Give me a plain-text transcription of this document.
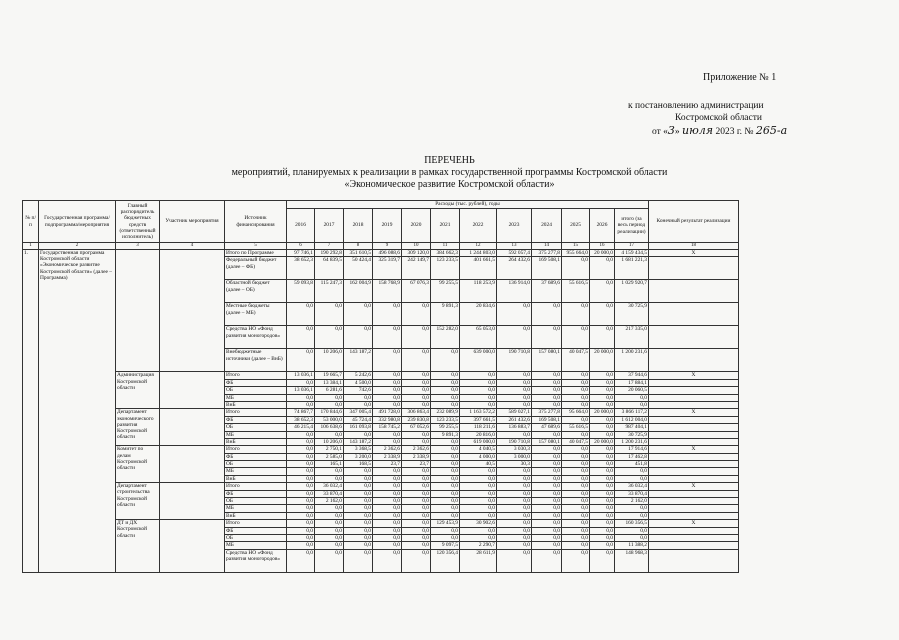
Приложение № 1
к постановлению администрации
Костромской области
от «3» июля 2023 г. № 265-а
ПЕРЕЧЕНЬ
мероприятий, планируемых к реализации в рамках государственной программы Костромской области
«Экономическое развитие Костромской области»
№ п/п	Государственная программа/подпрограмма/мероприятия	Главный распорядитель бюджетных средств (ответственный исполнитель)	Участник мероприятия	Источник финансирования	Расходы (тыс. рублей), годы												Конечный результат реализации
					2016	2017	2018	2019	2020	2021	2022	2023	2024	2025	2026	итого (за весь период реализации)	
1	2	3	4	5	6	7	8	9	10	11	12	13	14	15	16	17	18
1.	Государственная программа Костромской области «Экономическое развитие Костромской области» (далее – Программа)			Итого по Программе	97 746,1	190 292,8	351 610,5	496 088,6	309 120,0	384 662,3	1 244 803,0	592 057,4	375 277,8	955 664,0	20 000,0	4 159 434,5	X
				Федеральный бюджет (далее – ФБ)	38 652,3	64 839,5	50 424,4	325 319,7	242 149,7	123 233,5	401 661,5	264 432,6	169 508,1	0,0	0,0	1 681 221,3	
				Областной бюджет (далее – ОБ)	59 093,8	115 247,3	162 004,9	158 768,9	67 076,3	99 255,5	118 253,9	136 914,0	37 689,6	55 616,5	0,0	1 029 920,7	
				Местные бюджеты (далее – МБ)	0,0	0,0	0,0	0,0	0,0	9 891,3	20 834,6	0,0	0,0	0,0	0,0	30 725,9	
				Средства НО «Фонд развития моногородов»	0,0	0,0	0,0	0,0	0,0	152 282,0	65 053,0	0,0	0,0	0,0	0,0	217 335,0	
				Внебюджетные источники (далее – ВнБ)	0,0	10 206,0	143 187,2	0,0	0,0	0,0	639 000,0	190 710,8	157 080,1	40 047,5	20 000,0	1 200 231,6	
		Администрация Костромской области		Итого	13 036,1	19 665,7	5 242,6	0,0	0,0	0,0	0,0	0,0	0,0	0,0	0,0	37 944,6	X
				ФБ	0,0	13 384,1	4 500,0	0,0	0,0	0,0	0,0	0,0	0,0	0,0	0,0	17 884,1	
				ОБ	13 036,1	6 281,6	742,6	0,0	0,0	0,0	0,0	0,0	0,0	0,0	0,0	20 060,5	
				МБ	0,0	0,0	0,0	0,0	0,0	0,0	0,0	0,0	0,0	0,0	0,0	0,0	
				ВнБ	0,0	0,0	0,0	0,0	0,0	0,0	0,0	0,0	0,0	0,0	0,0	0,0	
		Департамент экономического развития Костромской области		Итого	74 867,7	170 844,6	347 005,4	491 728,0	306 863,4	232 089,9	1 163 572,2	589 027,1	375 277,8	95 664,0	20 000,0	3 866 117,2	X
				ФБ	38 652,3	53 000,0	45 724,4	332 980,8	239 830,8	123 233,5	397 661,5	261 432,6	169 508,1	0,0	0,0	1 612 004,0	
				ОБ	46 215,4	106 638,6	161 093,8	158 745,2	67 052,6	99 255,5	118 211,6	136 883,7	47 689,6	55 616,5	0,0	987 404,1	
				МБ	0,0	0,0	0,0	0,0	0,0	9 891,3	20 816,0	0,0	0,0	0,0	0,0	30 725,9	
				ВнБ	0,0	10 206,0	143 187,2	0,0	0,0	0,0	619 000,0	190 710,8	157 080,1	40 047,5	20 000,0	1 200 231,6	
		Комитет по делам Костромской области		Итого	0,0	2 750,1	3 368,5	2 362,6	2 362,6	0,0	4 040,5	3 030,3	0,0	0,0	0,0	17 914,6	X
				ФБ	0,0	2 585,0	3 200,0	2 338,9	2 338,9	0,0	4 000,0	3 000,0	0,0	0,0	0,0	17 462,8	
				ОБ	0,0	165,1	168,5	23,7	23,7	0,0	40,5	30,3	0,0	0,0	0,0	451,8	
				МБ	0,0	0,0	0,0	0,0	0,0	0,0	0,0	0,0	0,0	0,0	0,0	0,0	
				ВнБ	0,0	0,0	0,0	0,0	0,0	0,0	0,0	0,0	0,0	0,0	0,0	0,0	
		Департамент строительства Костромской области		Итого	0,0	36 032,4	0,0	0,0	0,0	0,0	0,0	0,0	0,0	0,0	0,0	36 032,4	X
				ФБ	0,0	33 870,4	0,0	0,0	0,0	0,0	0,0	0,0	0,0	0,0	0,0	33 870,4	
				ОБ	0,0	2 162,0	0,0	0,0	0,0	0,0	0,0	0,0	0,0	0,0	0,0	2 162,0	
				МБ	0,0	0,0	0,0	0,0	0,0	0,0	0,0	0,0	0,0	0,0	0,0	0,0	
				ВнБ	0,0	0,0	0,0	0,0	0,0	0,0	0,0	0,0	0,0	0,0	0,0	0,0	
		ДТ и ДХ Костромской области		Итого	0,0	0,0	0,0	0,0	0,0	129 453,9	30 902,6	0,0	0,0	0,0	0,0	160 356,5	X
				ФБ	0,0	0,0	0,0	0,0	0,0	0,0	0,0	0,0	0,0	0,0	0,0	0,0	
				ОБ	0,0	0,0	0,0	0,0	0,0	0,0	0,0	0,0	0,0	0,0	0,0	0,0	
				МБ	0,0	0,0	0,0	0,0	0,0	9 097,5	2 290,7	0,0	0,0	0,0	0,0	11 388,2	
				Средства НО «Фонд развития моногородов»	0,0	0,0	0,0	0,0	0,0	120 356,4	28 611,9	0,0	0,0	0,0	0,0	148 968,3	
